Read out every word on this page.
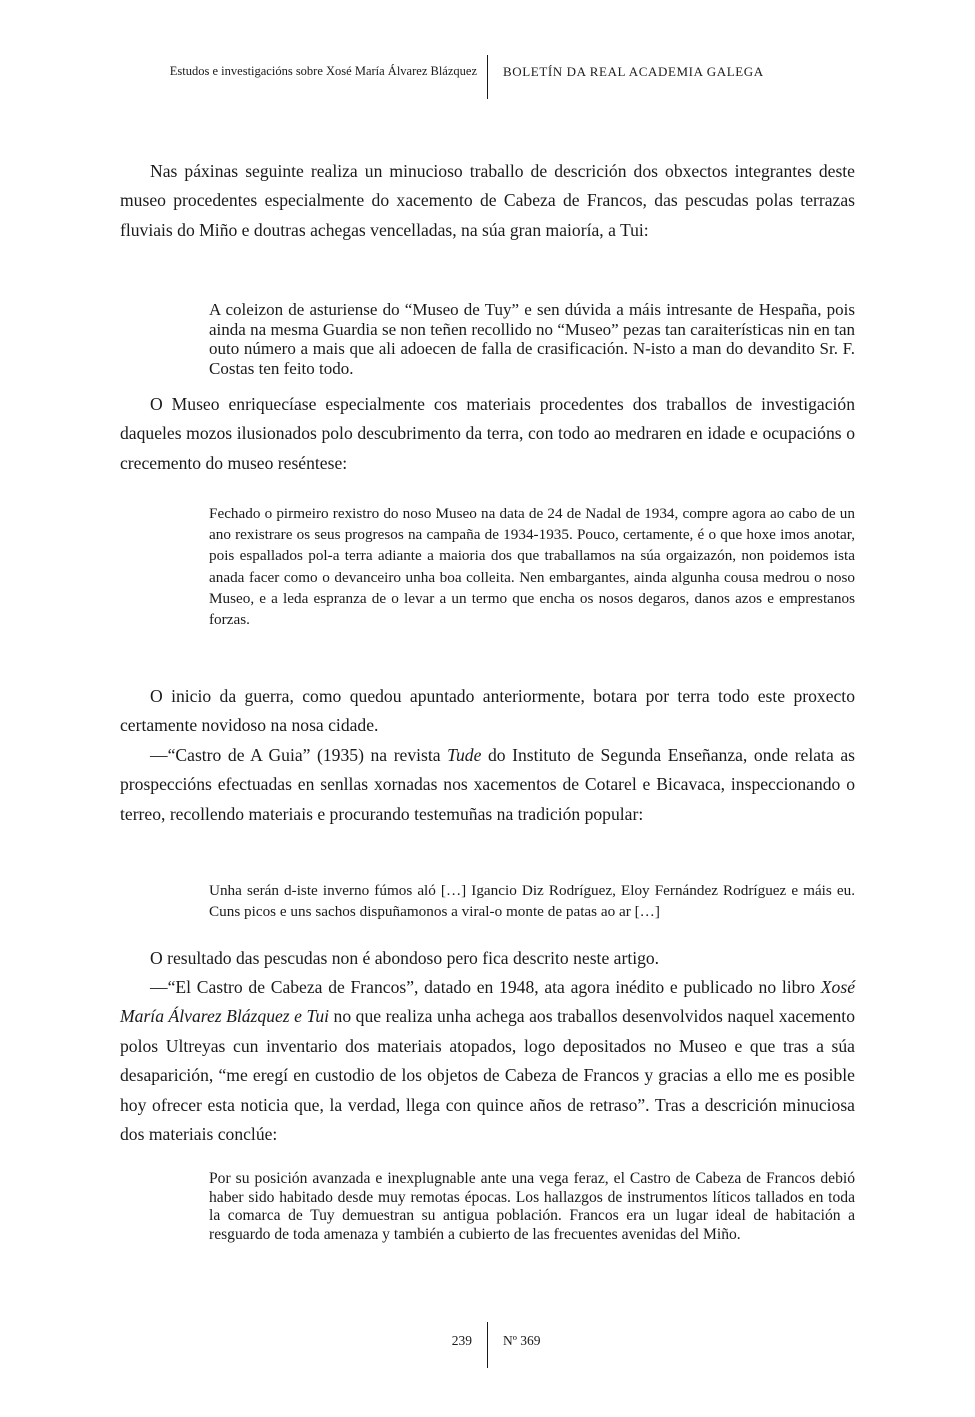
Estudos e investigacións sobre Xosé María Álvarez Blázquez BOLETÍN DA REAL ACADEMIA GALEGA

Nas páxinas seguinte realiza un minucioso traballo de descrición dos obxectos integrantes deste museo procedentes especialmente do xacemento de Cabeza de Francos, das pescudas polas terrazas fluviais do Miño e doutras achegas vencelladas, na súa gran maioría, a Tui:

A coleizon de asturiense do “Museo de Tuy” e sen dúvida a máis intresante de Hespaña, pois ainda na mesma Guardia se non teñen recollido no “Museo” pezas tan caraiterísticas nin en tan outo número a mais que ali adoecen de falla de crasificación. N-isto a man do devandito Sr. F. Costas ten feito todo.

O Museo enriquecíase especialmente cos materiais procedentes dos traballos de investigación daqueles mozos ilusionados polo descubrimento da terra, con todo ao medraren en idade e ocupacións o crecemento do museo reséntese:

Fechado o pirmeiro rexistro do noso Museo na data de 24 de Nadal de 1934, compre agora ao cabo de un ano rexistrare os seus progresos na campaña de 1934-1935. Pouco, certamente, é o que hoxe imos anotar, pois espallados pol-a terra adiante a maioria dos que traballamos na súa orgaizazón, non poidemos ista anada facer como o devanceiro unha boa colleita. Nen embargantes, ainda algunha cousa medrou o noso Museo, e a leda espranza de o levar a un termo que encha os nosos degaros, danos azos e emprestanos forzas.

O inicio da guerra, como quedou apuntado anteriormente, botara por terra todo este proxecto certamente novidoso na nosa cidade.

—“Castro de A Guia” (1935) na revista Tude do Instituto de Segunda Enseñanza, onde relata as prospeccións efectuadas en senllas xornadas nos xacementos de Cotarel e Bicavaca, inspeccionando o terreo, recollendo materiais e procurando testemuñas na tradición popular:

Unha serán d-iste inverno fúmos aló […] Igancio Diz Rodríguez, Eloy Fernández Rodríguez e máis eu. Cuns picos e uns sachos dispuñamonos a viral-o monte de patas ao ar […]

O resultado das pescudas non é abondoso pero fica descrito neste artigo.

—“El Castro de Cabeza de Francos”, datado en 1948, ata agora inédito e publicado no libro Xosé María Álvarez Blázquez e Tui no que realiza unha achega aos traballos desenvolvidos naquel xacemento polos Ultreyas cun inventario dos materiais atopados, logo depositados no Museo e que tras a súa desaparición, “me eregí en custodio de los objetos de Cabeza de Francos y gracias a ello me es posible hoy ofrecer esta noticia que, la verdad, llega con quince años de retraso”. Tras a descrición minuciosa dos materiais conclúe:

Por su posición avanzada e inexplugnable ante una vega feraz, el Castro de Cabeza de Francos debió haber sido habitado desde muy remotas épocas. Los hallazgos de instrumentos líticos tallados en toda la comarca de Tuy demuestran su antigua población. Francos era un lugar ideal de habitación a resguardo de toda amenaza y también a cubierto de las frecuentes avenidas del Miño.

239 Nº 369
